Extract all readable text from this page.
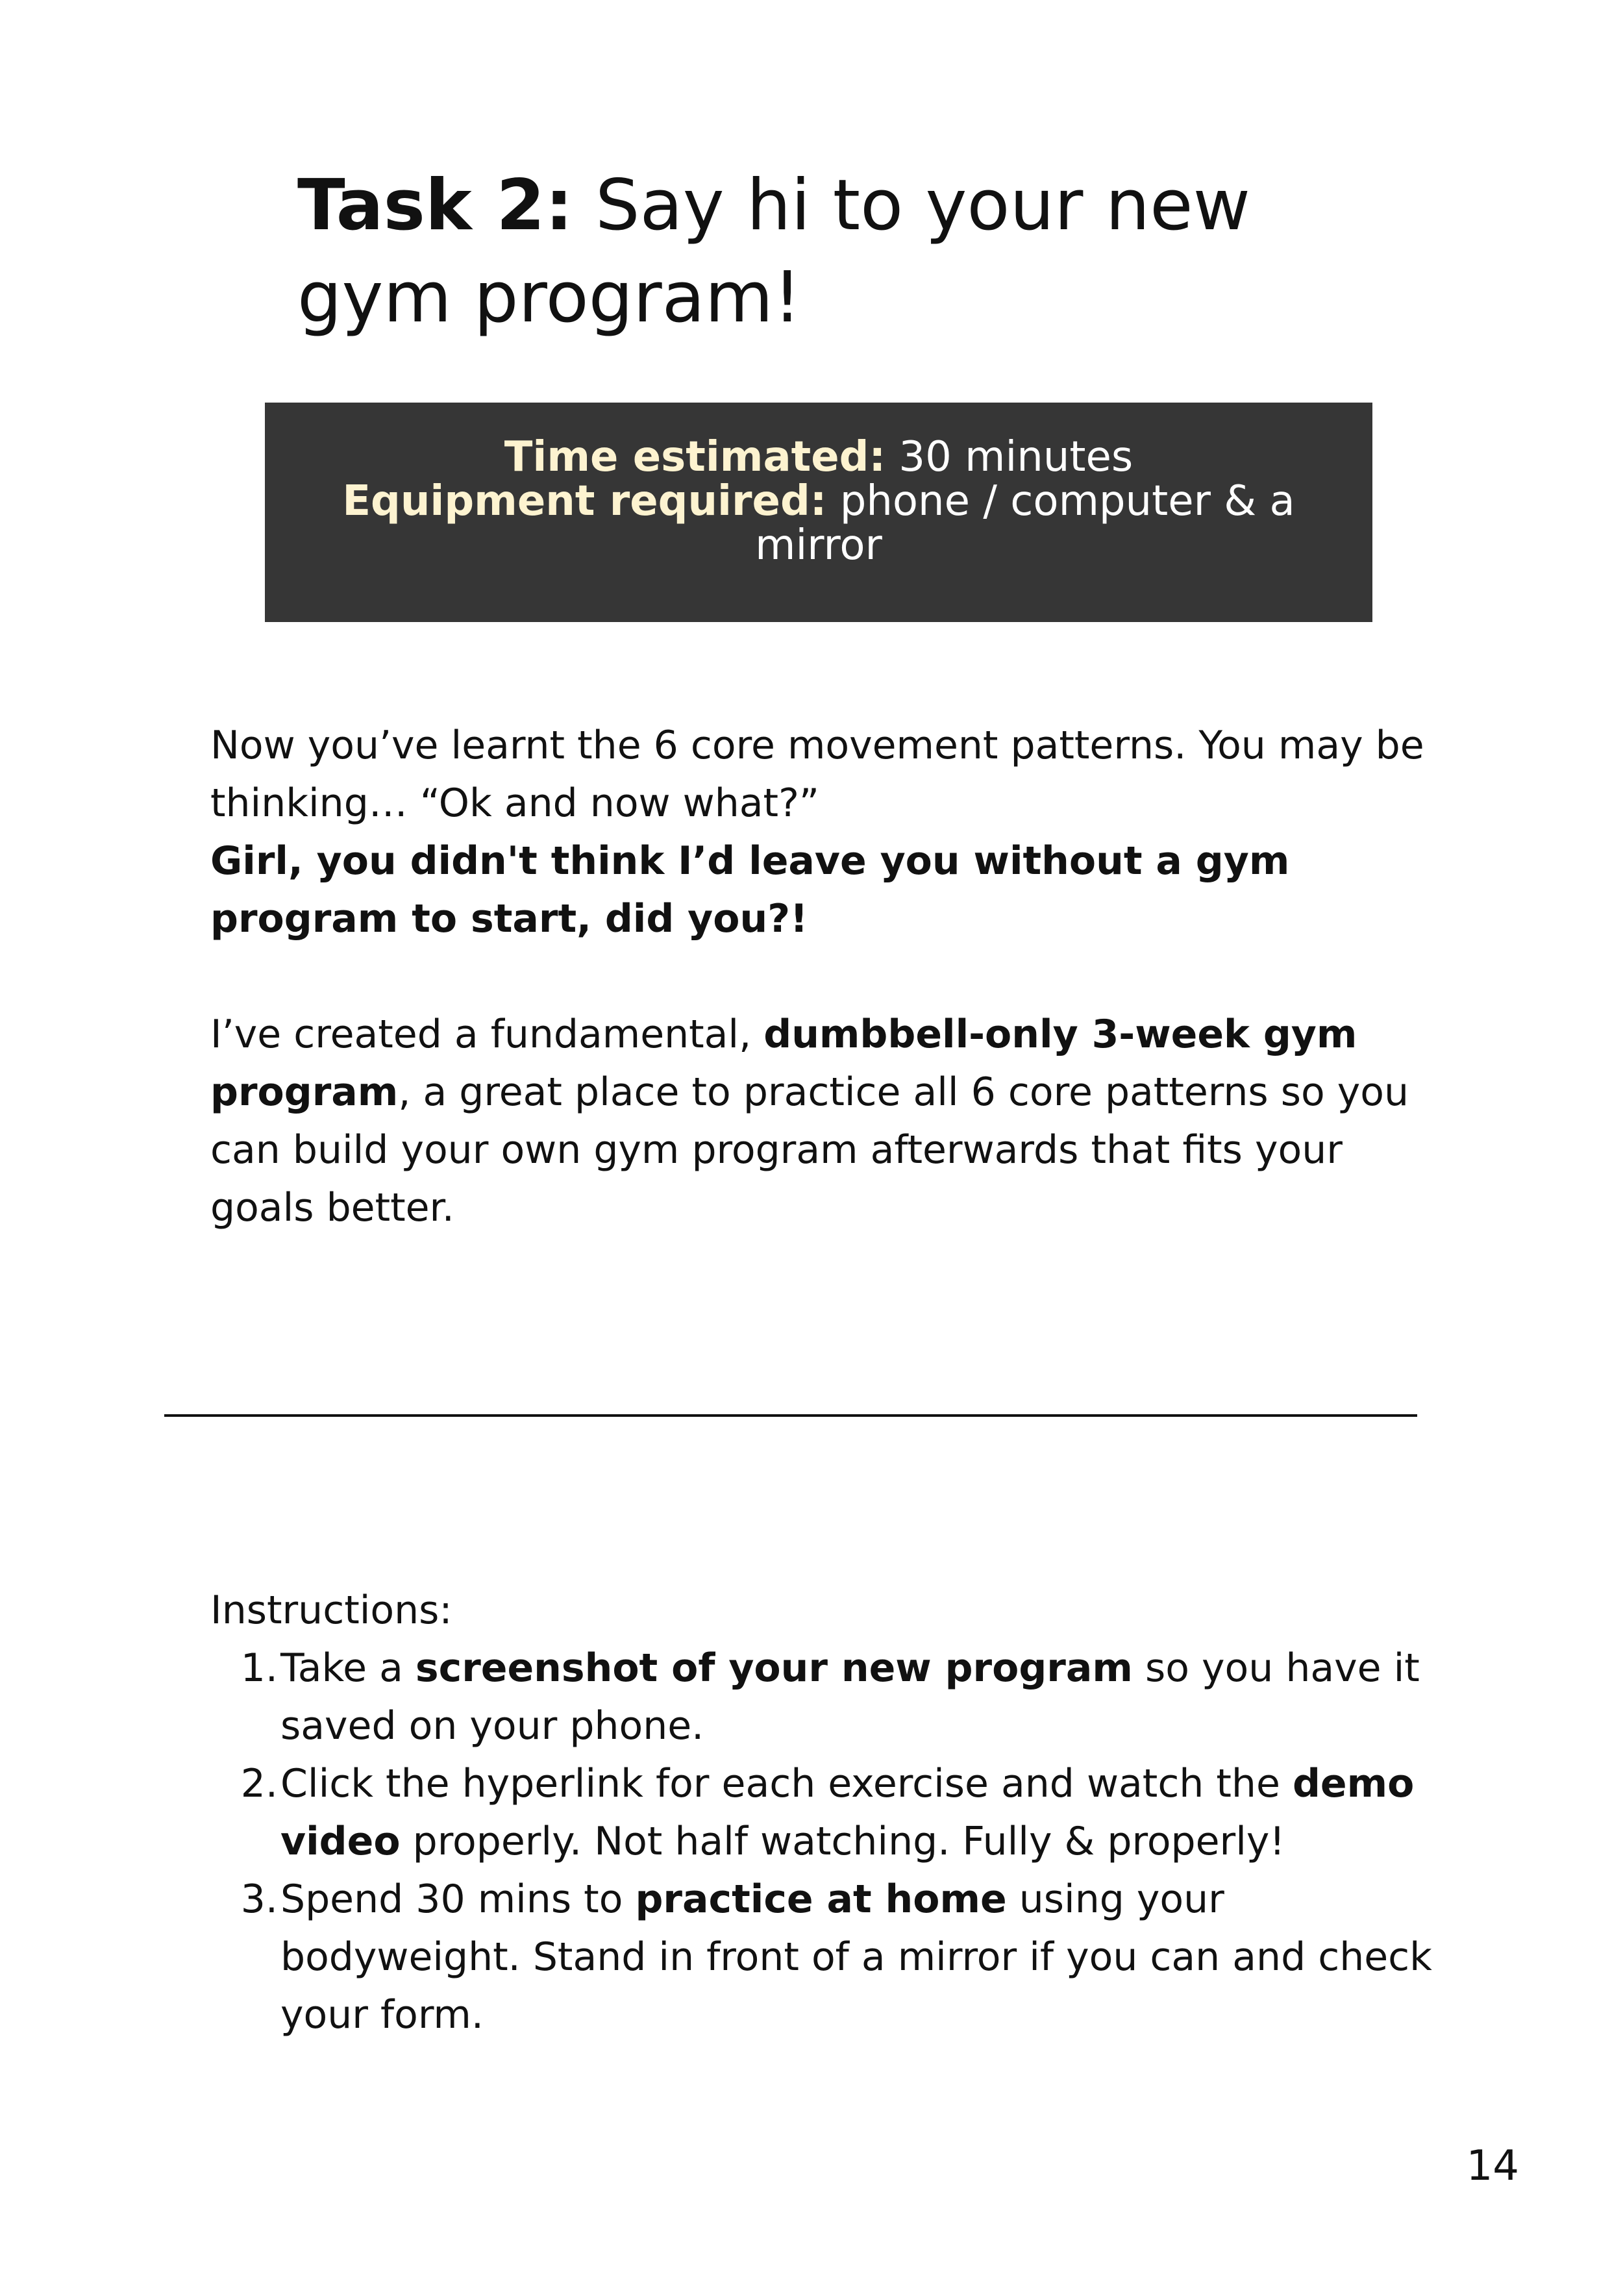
Task 2: Say hi to your new
gym program!
Time estimated: 30 minutes
Equipment required: phone / computer & a mirror

Now you’ve learnt the 6 core movement patterns. You may be thinking… “Ok and now what?”
Girl, you didn't think I’d leave you without a gym
program to start, did you?!

I’ve created a fundamental, dumbbell-only 3-week gym
program, a great place to practice all 6 core patterns so you can build your own gym program afterwards that fits your goals better.

Instructions:

1. Take a screenshot of your new program so you have it saved on your phone.
2. Click the hyperlink for each exercise and watch the demo video properly. Not half watching. Fully & properly!
3. Spend 30 mins to practice at home using your bodyweight. Stand in front of a mirror if you can and check your form.
14
